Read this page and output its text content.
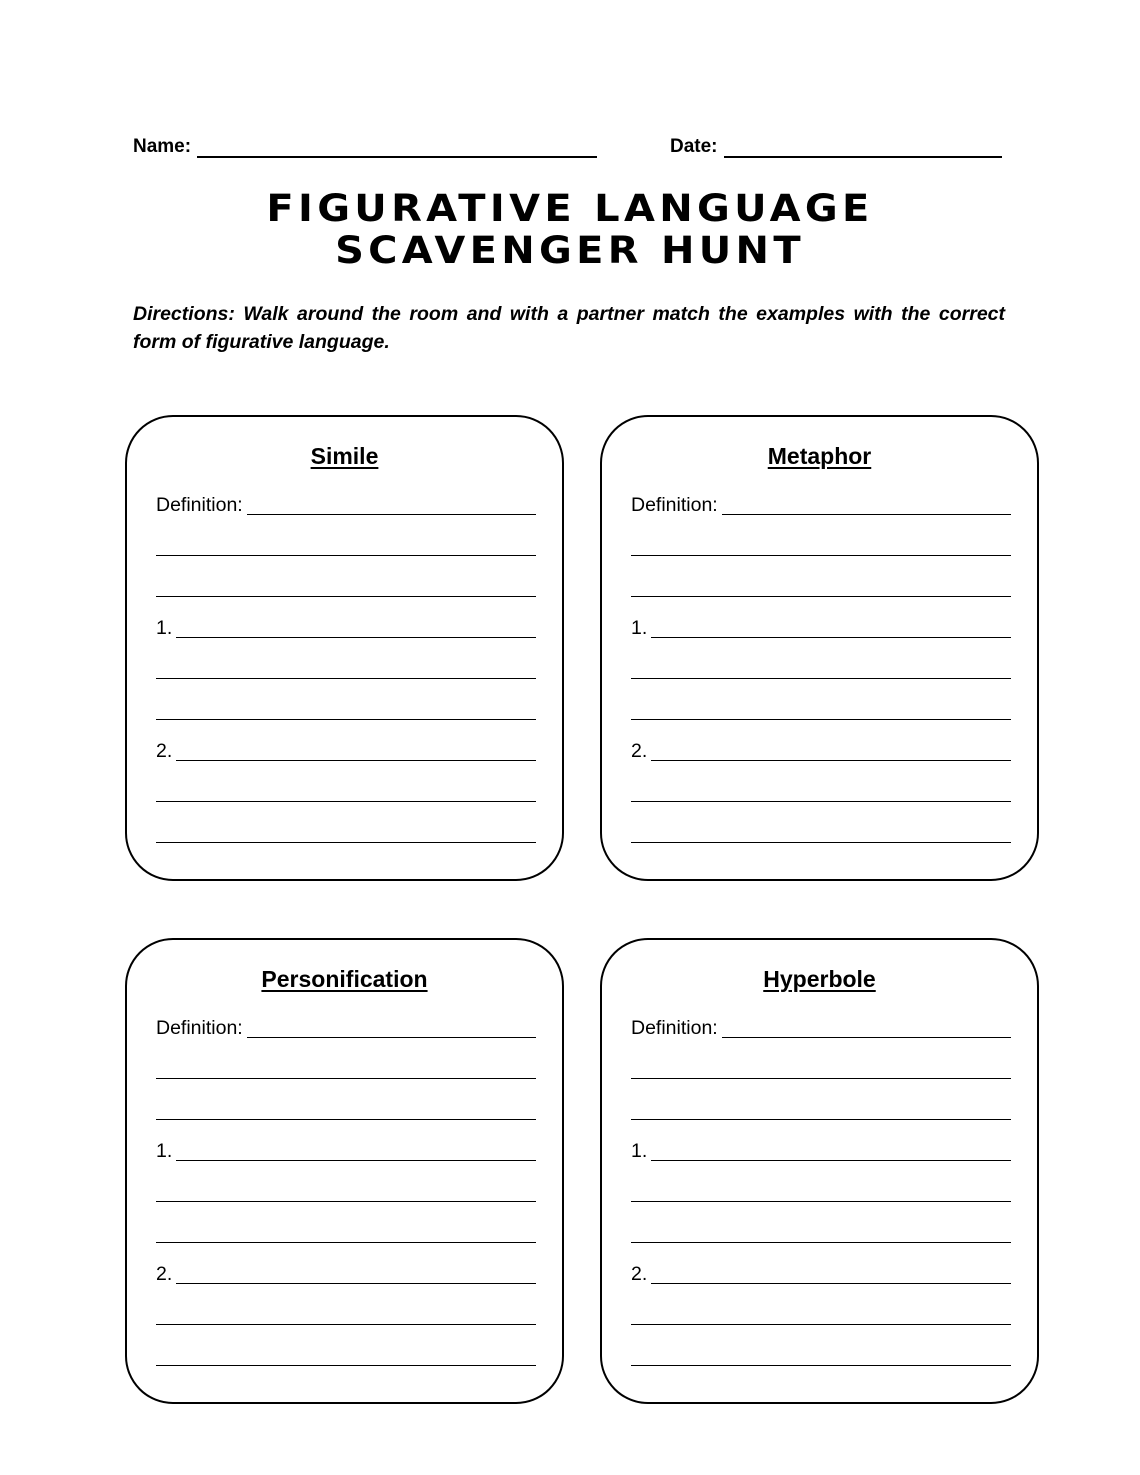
Name:	Date:
FIGURATIVE LANGUAGE
SCAVENGER HUNT
Directions: Walk around the room and with a partner match the examples with the correct form of figurative language.
Simile
Definition:
1.
2.
Metaphor
Definition:
1.
2.
Personification
Definition:
1.
2.
Hyperbole
Definition:
1.
2.
